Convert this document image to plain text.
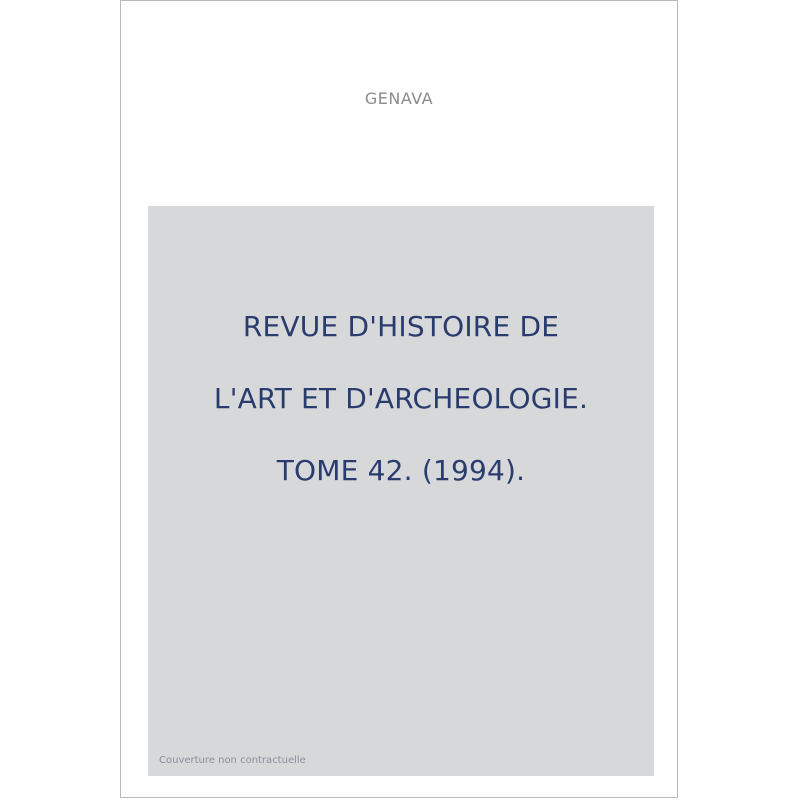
GENAVA

REVUE D'HISTOIRE DE

L'ART ET D'ARCHEOLOGIE.

TOME 42. (1994).

Couverture non contractuelle
